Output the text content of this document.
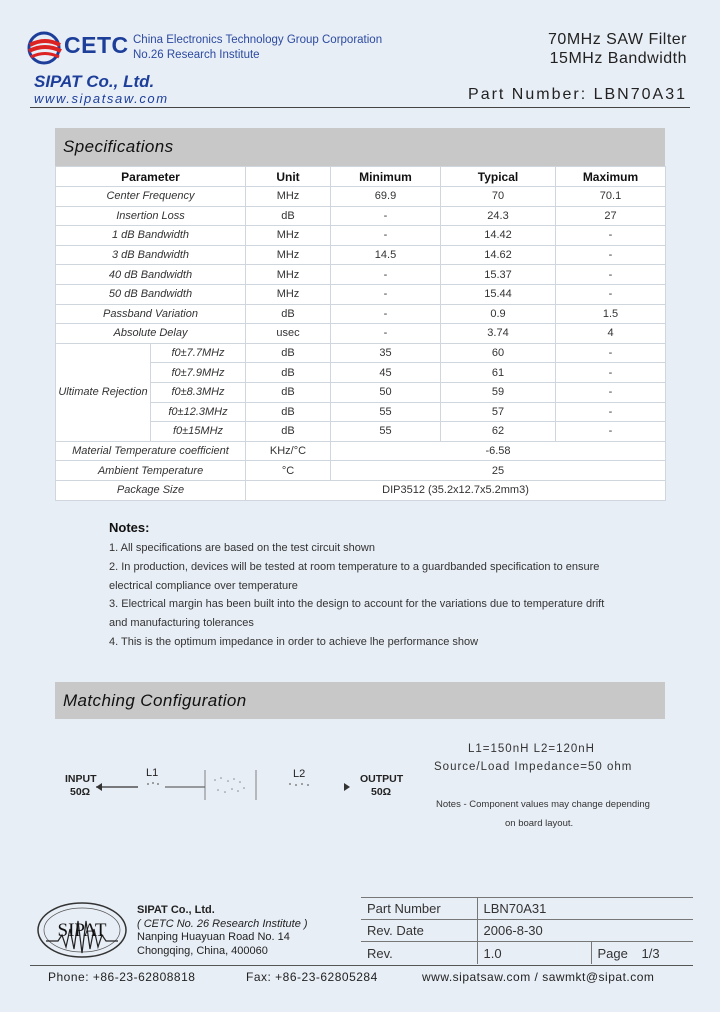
CETC China Electronics Technology Group Corporation
No.26 Research Institute
SIPAT Co., Ltd.
www.sipatsaw.com
70MHz SAW Filter
15MHz Bandwidth
Part Number: LBN70A31
Specifications
Parameter		Unit	Minimum	Typical	Maximum
Center Frequency		MHz	69.9	70	70.1
Insertion Loss		dB	-	24.3	27
1 dB Bandwidth		MHz	-	14.42	-
3 dB Bandwidth		MHz	14.5	14.62	-
40 dB Bandwidth		MHz	-	15.37	-
50 dB Bandwidth		MHz	-	15.44	-
Passband Variation		dB	-	0.9	1.5
Absolute Delay		usec	-	3.74	4
Ultimate Rejection	f0±7.7MHz	dB	35	60	-
	f0±7.9MHz	dB	45	61	-
	f0±8.3MHz	dB	50	59	-
	f0±12.3MHz	dB	55	57	-
	f0±15MHz	dB	55	62	-
Material Temperature coefficient		KHz/°C	-6.58		
Ambient Temperature		°C	25		
Package Size		DIP3512 (35.2x12.7x5.2mm3)			
Notes:
1. All specifications are based on the test circuit shown
2. In production, devices will be tested at room temperature to a guardbanded specification to ensure
electrical compliance over temperature
3. Electrical margin has been built into the design to account for the variations due to temperature drift
and manufacturing tolerances
4. This is the optimum impedance in order to achieve lhe performance show
Matching Configuration
INPUT
50Ω
L1	L2	OUTPUT
50Ω
L1=150nH L2=120nH
Source/Load Impedance=50 ohm
Notes - Component values may change depending
on board layout.
SIPAT
SIPAT Co., Ltd.
( CETC No. 26 Research Institute )
Nanping Huayuan Road No. 14
Chongqing, China, 400060
Part Number	LBN70A31	
Rev. Date	2006-8-30	
Rev.	1.0	Page 1/3
Phone: +86-23-62808818	Fax: +86-23-62805284	www.sipatsaw.com / sawmkt@sipat.com
